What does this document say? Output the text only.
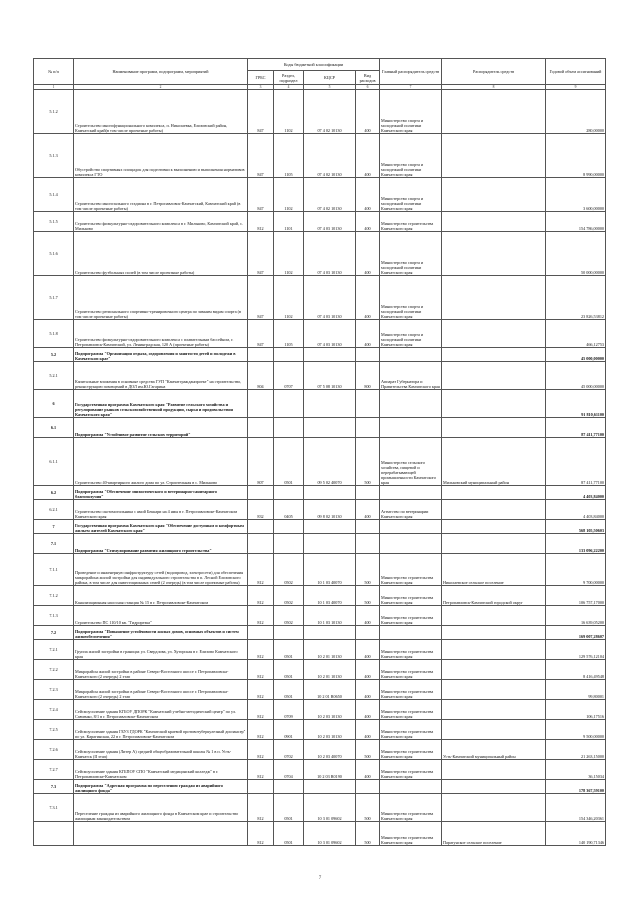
№ п/п	Наименование программ, подпрограмм, мероприятий	Коды бюджетной классификации				Главный распорядитель средств	Распорядитель средств	Годовой объем ассигнований
		ГРБС	Раздел, подраздел	КЦСР	Вид расходов			
1	2	3	4	5	6	7	8	9
5.1.2	Строительство многофункционального комплекса, п. Николаевка, Елизовский район, Камчатский край(в том числе проектные работы)	847	1102	07 4 02 10130	400	Министерство спорта и молодежной политики Камчатского края		280,00000
5.1.3	Обустройство спортивных площадок для подготовки к выполнению и выполнения нормативов комплекса ГТО	847	1105	07 4 02 10130	400	Министерство спорта и молодежной политики Камчатского края		8 990,00000
5.1.4	Строительство многозального стадиона в г. Петропавловск-Камчатский, Камчатский край (в том числе проектные работы)	847	1102	07 4 02 10130	400	Министерство спорта и молодежной политики Камчатского края		3 600,00000
5.1.5	Строительство физкультурно-оздоровительного комплекса в г. Мильково, Камчатский край, с. Мильково	812	1101	07 4 03 10130	400	Министерство строительства Камчатского края		154 786,00000
5.1.6	Строительство футбольных полей (в том числе проектные работы)	847	1102	07 4 03 10130	400	Министерство спорта и молодежной политики Камчатского края		50 000,00000
5.1.7	Строительство регионального спортивно-тренировочного центра по зимним видам спорта (в том числе проектные работы)	847	1102	07 4 03 10130	400	Министерство спорта и молодежной политики Камчатского края		23 826,53812
5.1.8	Строительство физкультурно-оздоровительного комплекса с плавательным бассейном, г. Петропавловск-Камчатский, ул. Ленинградская, 120 А (проектные работы)	847	1105	07 4 03 10130	400	Министерство спорта и молодежной политики Камчатского края		466,12753
5.2	Подпрограмма "Организация отдыха, оздоровления и занятости детей и молодежи в Камчатском крае"							45 000,00000
5.2.1	Капитальные вложения в основные средства ГУП "Камчатгражданпроект" на строительство, реконструкцию помещений в ДОЛ им.Ю.Гагарина	804	0707	07 5 08 10130	800	Аппарат Губернатора и Правительства Камчатского края		45 000,00000
6	Государственная программа Камчатского края "Развитие сельского хозяйства и регулирование рынков сельскохозяйственной продукции, сырья и продовольствия Камчатского края"							91 810,61100
6.1	Подпрограмма "Устойчивое развитие сельских территорий"							87 411,77100
6.1.1	Строительство 40-квартирного жилого дома по ул. Строительная в с. Мильково	807	0501	09 5 02 40070	500	Министерство сельского хозяйства, пищевой и перерабатывающей промышленности Камчатского края	Мильковский муниципальный район	87 411,77100
6.2	Подпрограмма "Обеспечение эпизоотического и ветеринарно-санитарного благополучия"							4 403,84000
6.2.1	Строительство скотомогильника с ямой Беккари на 4 ямы в г. Петропавловске-Камчатском Камчатского края	832	0405	09 8 02 10130	400	Агентство по ветеринарии Камчатского края		4 403,84000
7	Государственная программа Камчатского края "Обеспечение доступным и комфортным жильем жителей Камчатского края"							568 105,50603
7.1	Подпрограмма "Стимулирование развития жилищного строительства"							133 096,22200
7.1.1	Проведение и инженерную инфраструктуру сетей (водопровод, электросети) для обеспечения микрорайона жилой застройки для индивидуального строительства в п. Лесной Елизовского района, в том числе для инвестиционных семей (2 очередь) (в том числе проектные работы)	812	0502	10 1 03 40070	500	Министерство строительства Камчатского края	Николаевское сельское поселение	9 700,00000
7.1.2	Канализационная насосная станция № 15 в г. Петропавловске-Камчатском	812	0502	10 1 03 40070	500	Министерство строительства Камчатского края	Петропавловск-Камчатский городской округ	106 757,17000
7.1.3	Строительство ПС 110/10 кв. "Гидрорезка"	812	0502	10 1 03 10130	400	Министерство строительства Камчатского края		16 639,05200
7.2	Подпрограмма "Повышение устойчивости жилых домов, основных объектов и систем жизнеобеспечения"							169 007,28607
7.2.1	Группа жилой застройки в границах ул. Свердлова, ул. Хуторская в г. Елизово Камчатского края	812	0501	10 2 01 10130	400	Министерство строительства Камчатского края		129 576,12104
7.2.2	Микрорайон жилой застройки в районе Северо-Восточного шоссе г. Петропавловска-Камчатского (2 очередь) 2 этап	812	0501	10 2 01 10130	400	Министерство строительства Камчатского края		8 416,49548
7.2.3	Микрорайон жилой застройки в районе Северо-Восточного шоссе г. Петропавловска-Камчатского (2 очередь) 2 этап	812	0501	10 2 01 R0650	400	Министерство строительства Камчатского края		99,80001
7.2.4	Сейсмоусиление здания КГБОУ ДПОРК "Камчатский учебно-методический центр" по ул. Савченко, 8/1 в г. Петропавловске-Камчатском	812	0709	10 2 03 10130	400	Министерство строительства Камчатского края		106,17516
7.2.5	Сейсмоусиление здания ГБУЗ ГДОРК "Камчатский краевой противотуберкулезный диспансер" по ул. Карагинская, 22 в г. Петропавловске-Камчатском	812	0901	10 2 03 10130	400	Министерство строительства Камчатского края		9 500,00000
7.2.6	Сейсмоусиление здания (Литер А) средней общеобразовательной школы № 1 в п. Усть-Камчатск (II этап)	812	0702	10 2 03 40070	500	Министерство строительства Камчатского края	Усть-Камчатский муниципальный район	21 263,15000
7.2.7	Сейсмоусиление здания КГБПОУ СПО "Камчатский медицинский колледж" в г. Петропавловске-Камчатском	812	0704	10 2 03 R0190	400	Министерство строительства Камчатского края		36,15034
7.3	Подпрограмма "Адресная программа по переселению граждан из аварийного жилищного фонда"							178 367,59100
7.3.1	Переселение граждан из аварийного жилищного фонда в Камчатском крае и строительство жилищным законодательством	812	0501	10 3 01 09602	500	Министерство строительства Камчатского края		154 346,20361
		812	0501	10 3 01 09602	500	Министерство строительства Камчатского края	Паратунское сельское поселение	140 190,71346
7
